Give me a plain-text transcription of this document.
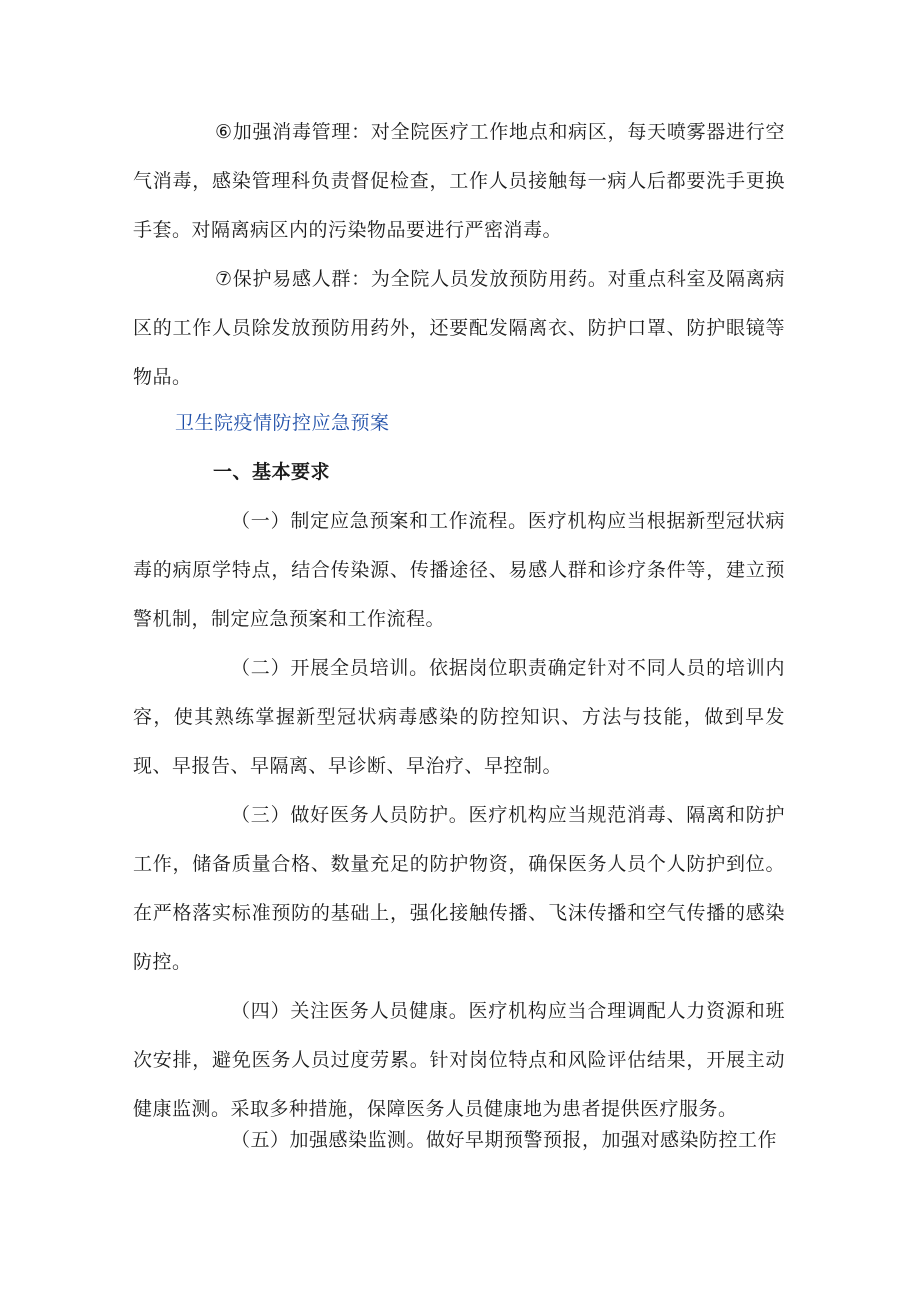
⑥加强消毒管理：对全院医疗工作地点和病区，每天喷雾器进行空气消毒，感染管理科负责督促检查，工作人员接触每一病人后都要洗手更换手套。对隔离病区内的污染物品要进行严密消毒。

⑦保护易感人群：为全院人员发放预防用药。对重点科室及隔离病区的工作人员除发放预防用药外，还要配发隔离衣、防护口罩、防护眼镜等物品。

卫生院疫情防控应急预案

一、基本要求

（一）制定应急预案和工作流程。医疗机构应当根据新型冠状病毒的病原学特点，结合传染源、传播途径、易感人群和诊疗条件等，建立预警机制，制定应急预案和工作流程。

（二）开展全员培训。依据岗位职责确定针对不同人员的培训内容，使其熟练掌握新型冠状病毒感染的防控知识、方法与技能，做到早发现、早报告、早隔离、早诊断、早治疗、早控制。

（三）做好医务人员防护。医疗机构应当规范消毒、隔离和防护工作，储备质量合格、数量充足的防护物资，确保医务人员个人防护到位。在严格落实标准预防的基础上，强化接触传播、飞沫传播和空气传播的感染防控。

（四）关注医务人员健康。医疗机构应当合理调配人力资源和班次安排，避免医务人员过度劳累。针对岗位特点和风险评估结果，开展主动健康监测。采取多种措施，保障医务人员健康地为患者提供医疗服务。

（五）加强感染监测。做好早期预警预报，加强对感染防控工作
